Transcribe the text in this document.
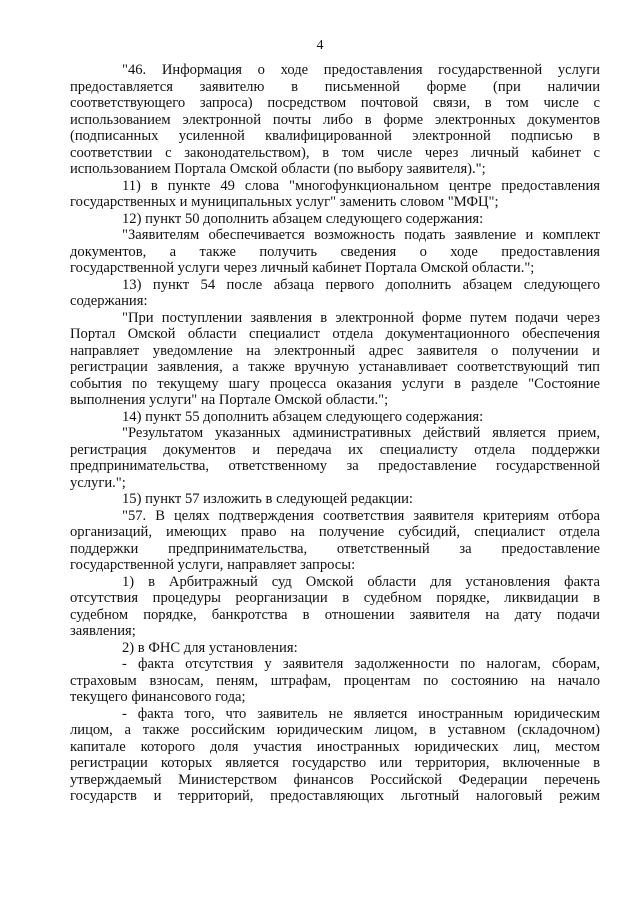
4
"46. Информация о ходе предоставления государственной услуги
предоставляется заявителю в письменной форме (при наличии
соответствующего запроса) посредством почтовой связи, в том числе с
использованием электронной почты либо в форме электронных документов
(подписанных усиленной квалифицированной электронной подписью в
соответствии с законодательством), в том числе через личный кабинет с
использованием Портала Омской области (по выбору заявителя).";
11) в пункте 49 слова "многофункциональном центре предоставления
государственных и муниципальных услуг" заменить словом "МФЦ";
12) пункт 50 дополнить абзацем следующего содержания:
"Заявителям обеспечивается возможность подать заявление и комплект
документов, а также получить сведения о ходе предоставления
государственной услуги через личный кабинет Портала Омской области.";
13) пункт 54 после абзаца первого дополнить абзацем следующего
содержания:
"При поступлении заявления в электронной форме путем подачи через
Портал Омской области специалист отдела документационного обеспечения
направляет уведомление на электронный адрес заявителя о получении и
регистрации заявления, а также вручную устанавливает соответствующий тип
события по текущему шагу процесса оказания услуги в разделе "Состояние
выполнения услуги" на Портале Омской области.";
14) пункт 55 дополнить абзацем следующего содержания:
"Результатом указанных административных действий является прием,
регистрация документов и передача их специалисту отдела поддержки
предпринимательства, ответственному за предоставление государственной
услуги.";
15) пункт 57 изложить в следующей редакции:
"57. В целях подтверждения соответствия заявителя критериям отбора
организаций, имеющих право на получение субсидий, специалист отдела
поддержки предпринимательства, ответственный за предоставление
государственной услуги, направляет запросы:
1) в Арбитражный суд Омской области для установления факта
отсутствия процедуры реорганизации в судебном порядке, ликвидации в
судебном порядке, банкротства в отношении заявителя на дату подачи
заявления;
2) в ФНС для установления:
- факта отсутствия у заявителя задолженности по налогам, сборам,
страховым взносам, пеням, штрафам, процентам по состоянию на начало
текущего финансового года;
- факта того, что заявитель не является иностранным юридическим
лицом, а также российским юридическим лицом, в уставном (складочном)
капитале которого доля участия иностранных юридических лиц, местом
регистрации которых является государство или территория, включенные в
утверждаемый Министерством финансов Российской Федерации перечень
государств и территорий, предоставляющих льготный налоговый режим
